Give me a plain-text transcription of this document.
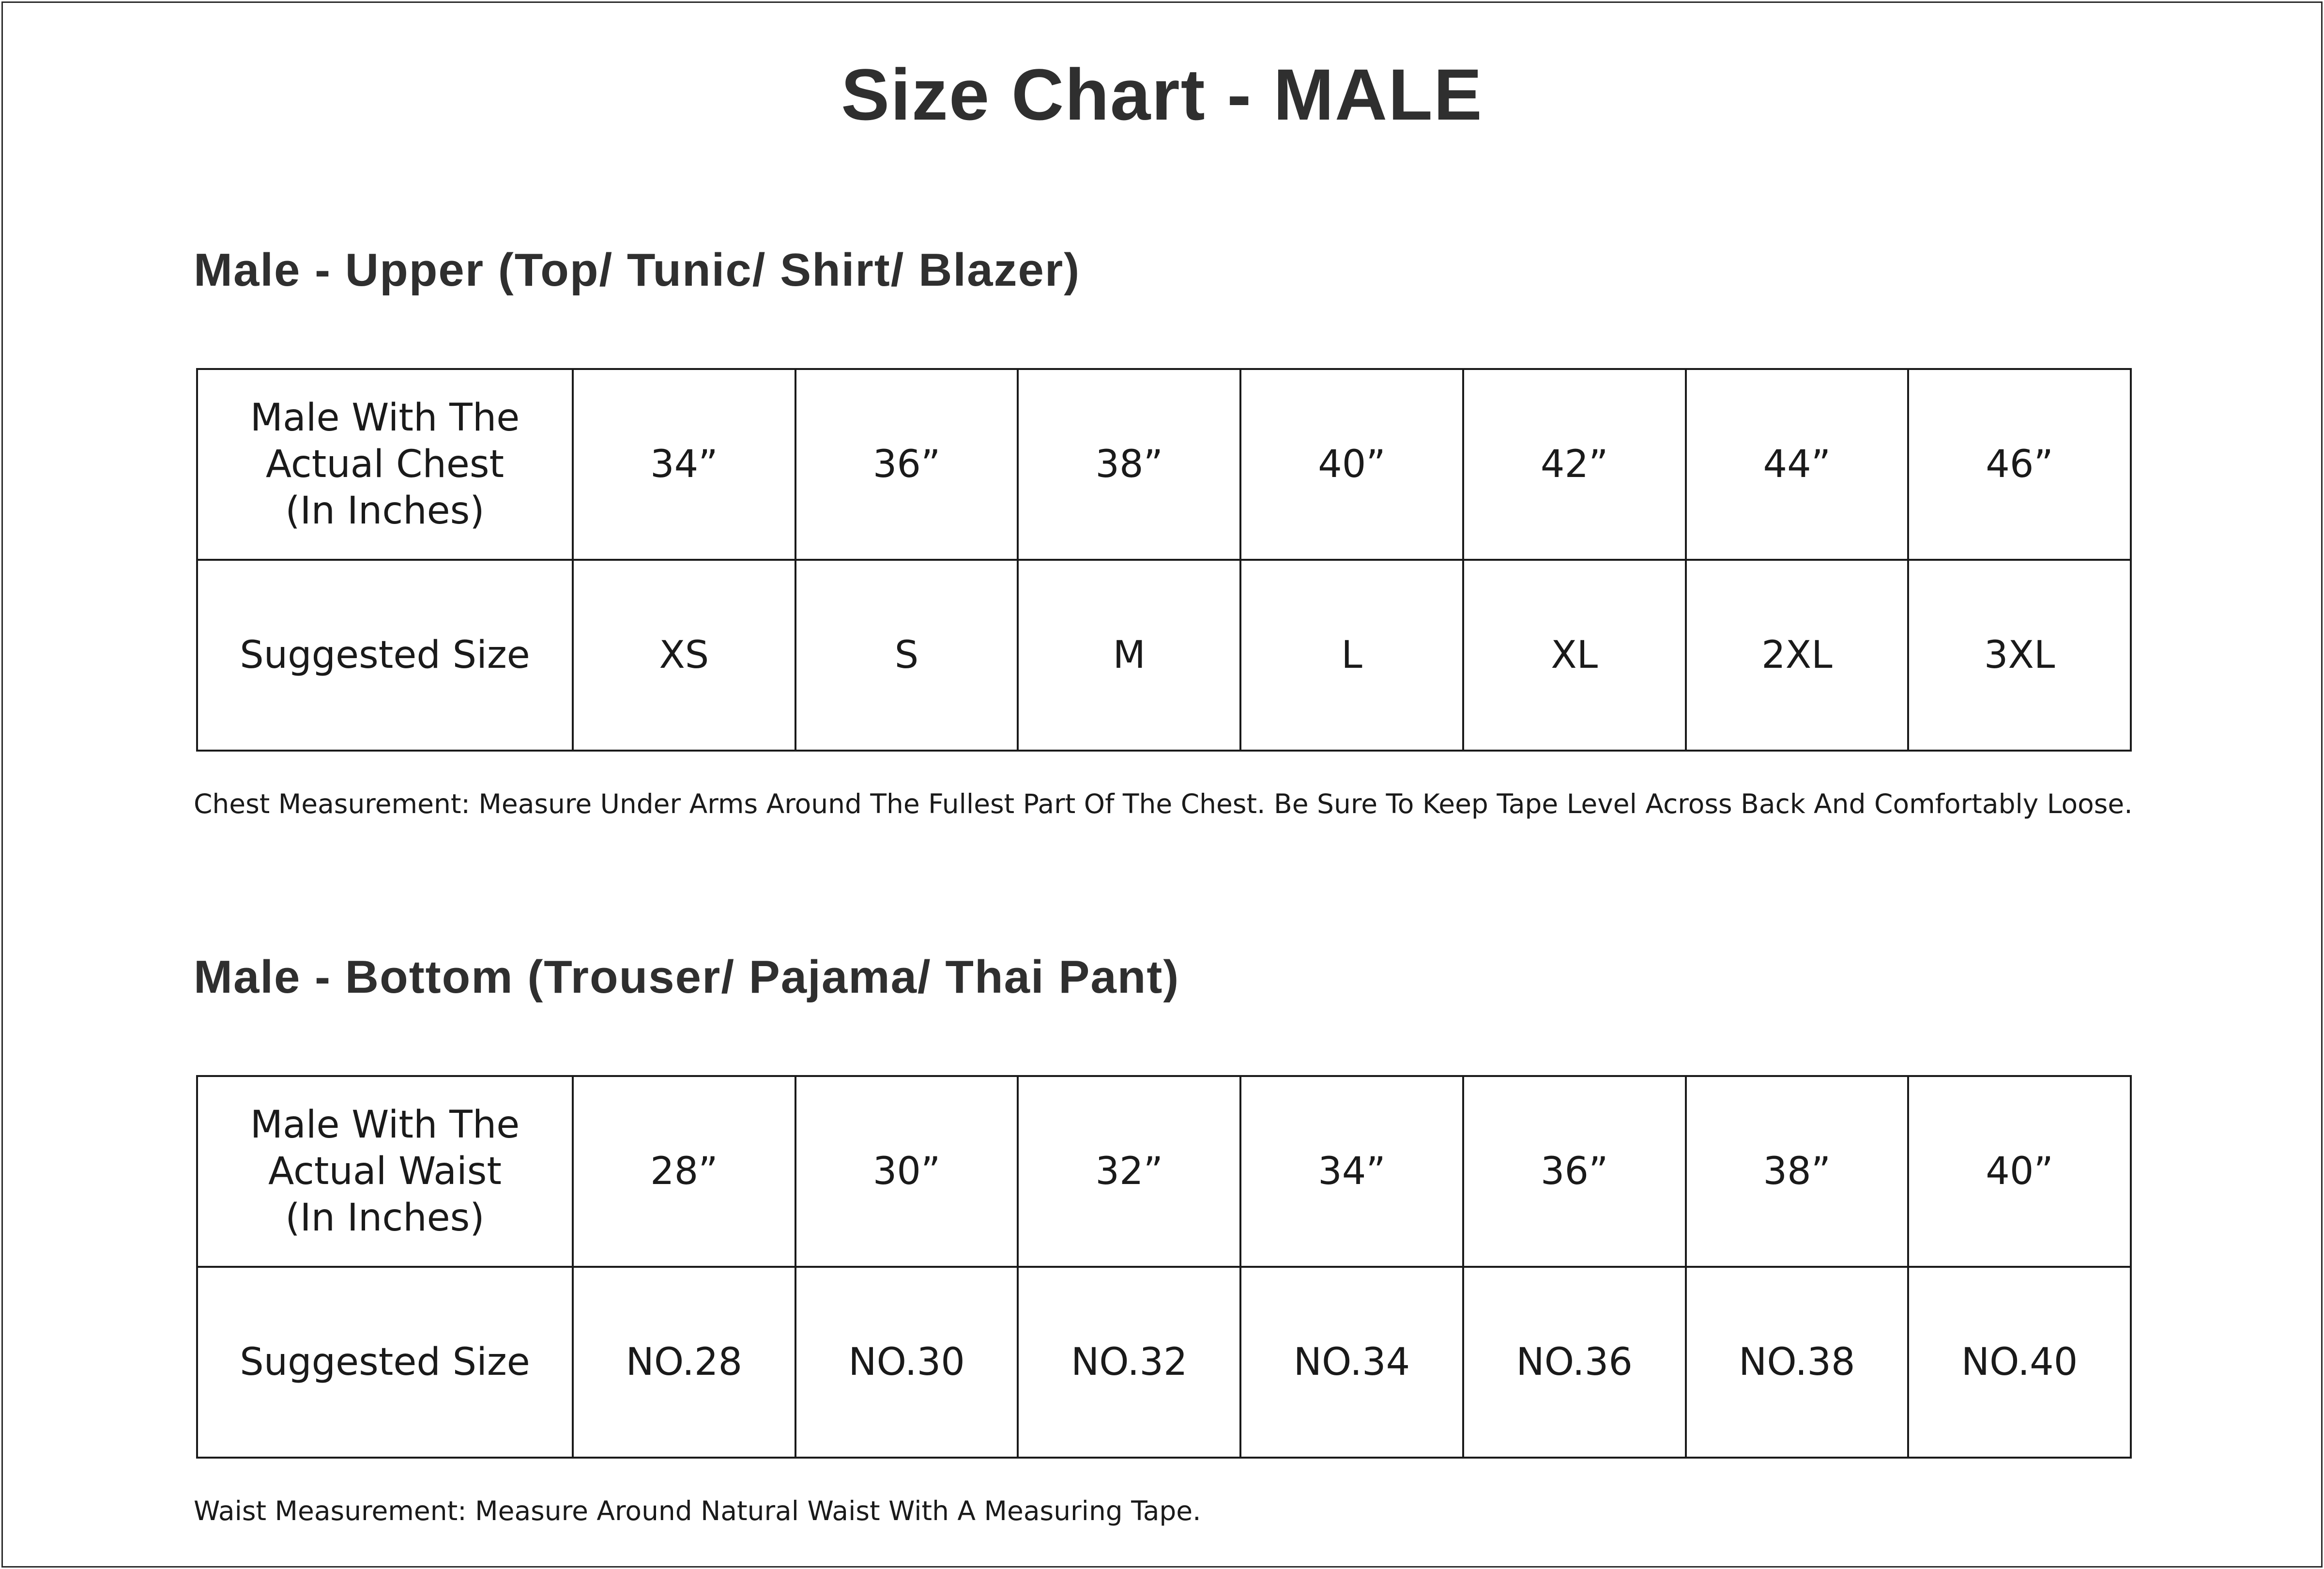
Size Chart - MALE
Male - Upper (Top/ Tunic/ Shirt/ Blazer)
Male With The
Actual Chest
(In Inches)	34”	36”	38”	40”	42”	44”	46”
Suggested Size	XS	S	M	L	XL	2XL	3XL
Chest Measurement: Measure Under Arms Around The Fullest Part Of The Chest. Be Sure To Keep Tape Level Across Back And Comfortably Loose.
Male - Bottom (Trouser/ Pajama/ Thai Pant)
Male With The
Actual Waist
(In Inches)	28”	30”	32”	34”	36”	38”	40”
Suggested Size	NO.28	NO.30	NO.32	NO.34	NO.36	NO.38	NO.40
Waist Measurement: Measure Around Natural Waist With A Measuring Tape.
